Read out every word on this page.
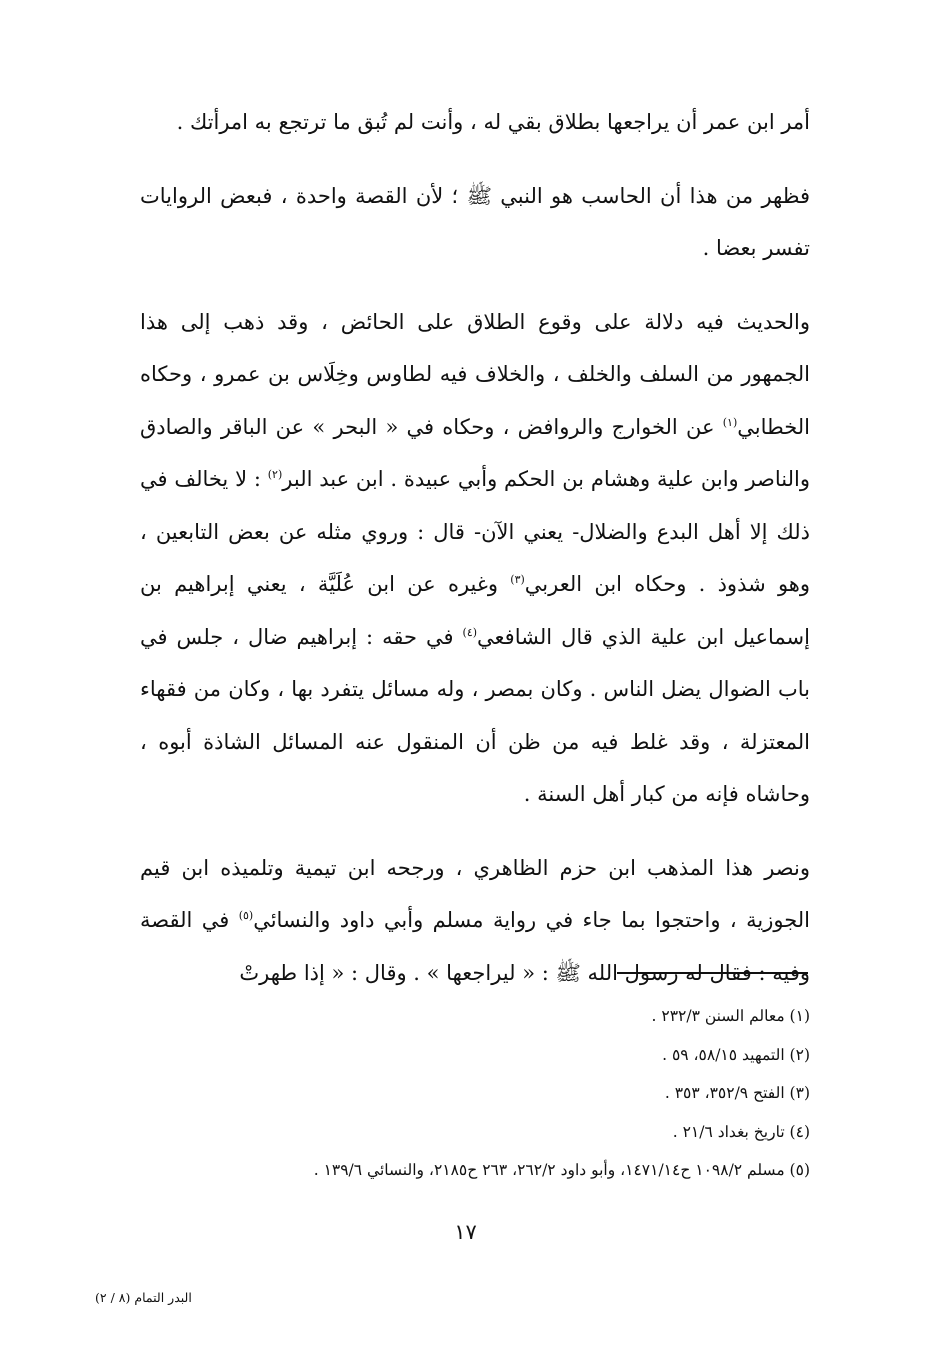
أمر ابن عمر أن يراجعها بطلاق بقي له ، وأنت لم تُبق ما ترتجع به امرأتك .

فظهر من هذا أن الحاسب هو النبي ﷺ ؛ لأن القصة واحدة ، فبعض الروايات تفسر بعضا .

والحديث فيه دلالة على وقوع الطلاق على الحائض ، وقد ذهب إلى هذا الجمهور من السلف والخلف ، والخلاف فيه لطاوس وخِلَاس بن عمرو ، وحكاه الخطابي$^{(١)}$ عن الخوارج والروافض ، وحكاه في « البحر » عن الباقر والصادق والناصر وابن علية وهشام بن الحكم وأبي عبيدة . ابن عبد البر$^{(٢)}$ : لا يخالف في ذلك إلا أهل البدع والضلال- يعني الآن- قال : وروي مثله عن بعض التابعين ، وهو شذوذ . وحكاه ابن العربي$^{(٣)}$ وغيره عن ابن عُلَيَّة ، يعني إبراهيم بن إسماعيل ابن علية الذي قال الشافعي$^{(٤)}$ في حقه : إبراهيم ضال ، جلس في باب الضوال يضل الناس . وكان بمصر ، وله مسائل يتفرد بها ، وكان من فقهاء المعتزلة ، وقد غلط فيه من ظن أن المنقول عنه المسائل الشاذة أبوه ، وحاشاه فإنه من كبار أهل السنة .

ونصر هذا المذهب ابن حزم الظاهري ، ورجحه ابن تيمية وتلميذه ابن قيم الجوزية ، واحتجوا بما جاء في رواية مسلم وأبي داود والنسائي$^{(٥)}$ في القصة وفيه : فقال له رسول الله ﷺ : « ليراجعها » . وقال : « إذا طهرتْ

(١) معالم السنن ٢٣٢/٣ .

(٢) التمهيد ٥٨/١٥، ٥٩ .

(٣) الفتح ٣٥٢/٩، ٣٥٣ .

(٤) تاريخ بغداد ٢١/٦ .

(٥) مسلم ١٠٩٨/٢ ح١٤٧١/١٤، وأبو داود ٢٦٢/٢، ٢٦٣ ح٢١٨٥، والنسائي ١٣٩/٦ .

١٧
البدر التمام (٨ / ٢)
